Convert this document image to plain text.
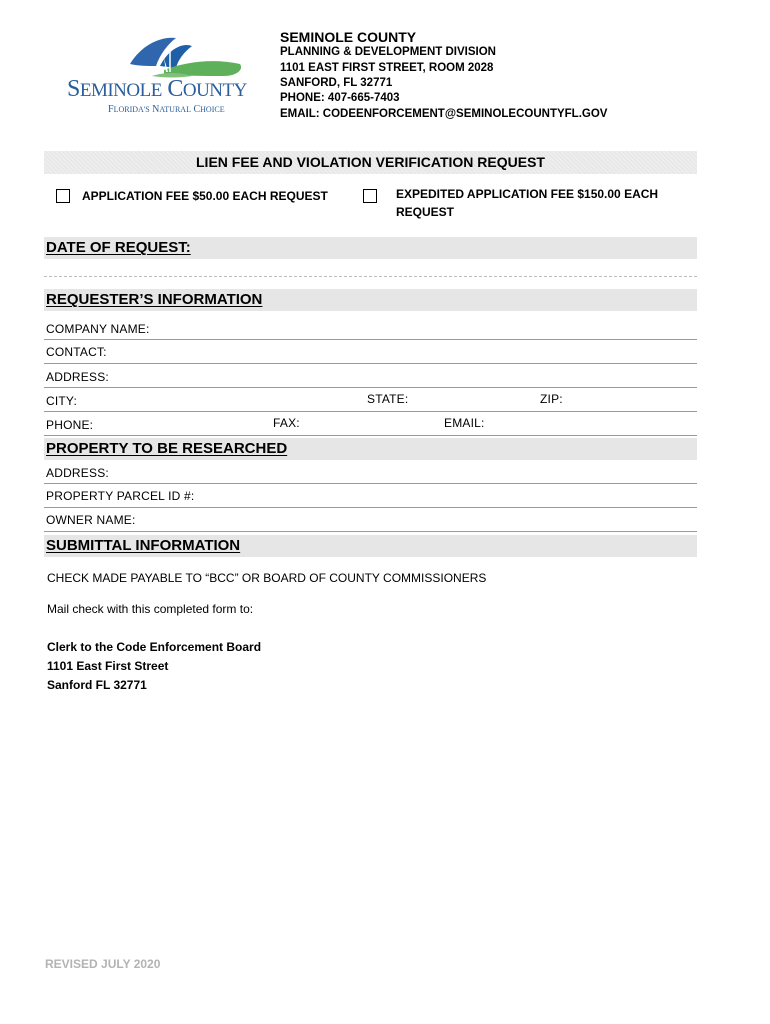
SEMINOLE COUNTY
FLORIDA'S NATURAL CHOICE
SEMINOLE COUNTY
PLANNING & DEVELOPMENT DIVISION
1101 EAST FIRST STREET, ROOM 2028
SANFORD, FL 32771
PHONE: 407-665-7403
EMAIL: CODEENFORCEMENT@SEMINOLECOUNTYFL.GOV
LIEN FEE AND VIOLATION VERIFICATION REQUEST
APPLICATION FEE $50.00 EACH REQUEST	EXPEDITED APPLICATION FEE $150.00 EACH REQUEST
DATE OF REQUEST:
REQUESTER’S INFORMATION
COMPANY NAME:
CONTACT:
ADDRESS:
CITY:	STATE:	ZIP:
PHONE:	FAX:	EMAIL:
PROPERTY TO BE RESEARCHED
ADDRESS:
PROPERTY PARCEL ID #:
OWNER NAME:
SUBMITTAL INFORMATION
CHECK MADE PAYABLE TO “BCC” OR BOARD OF COUNTY COMMISSIONERS
Mail check with this completed form to:
Clerk to the Code Enforcement Board
1101 East First Street
Sanford FL 32771
REVISED JULY 2020
